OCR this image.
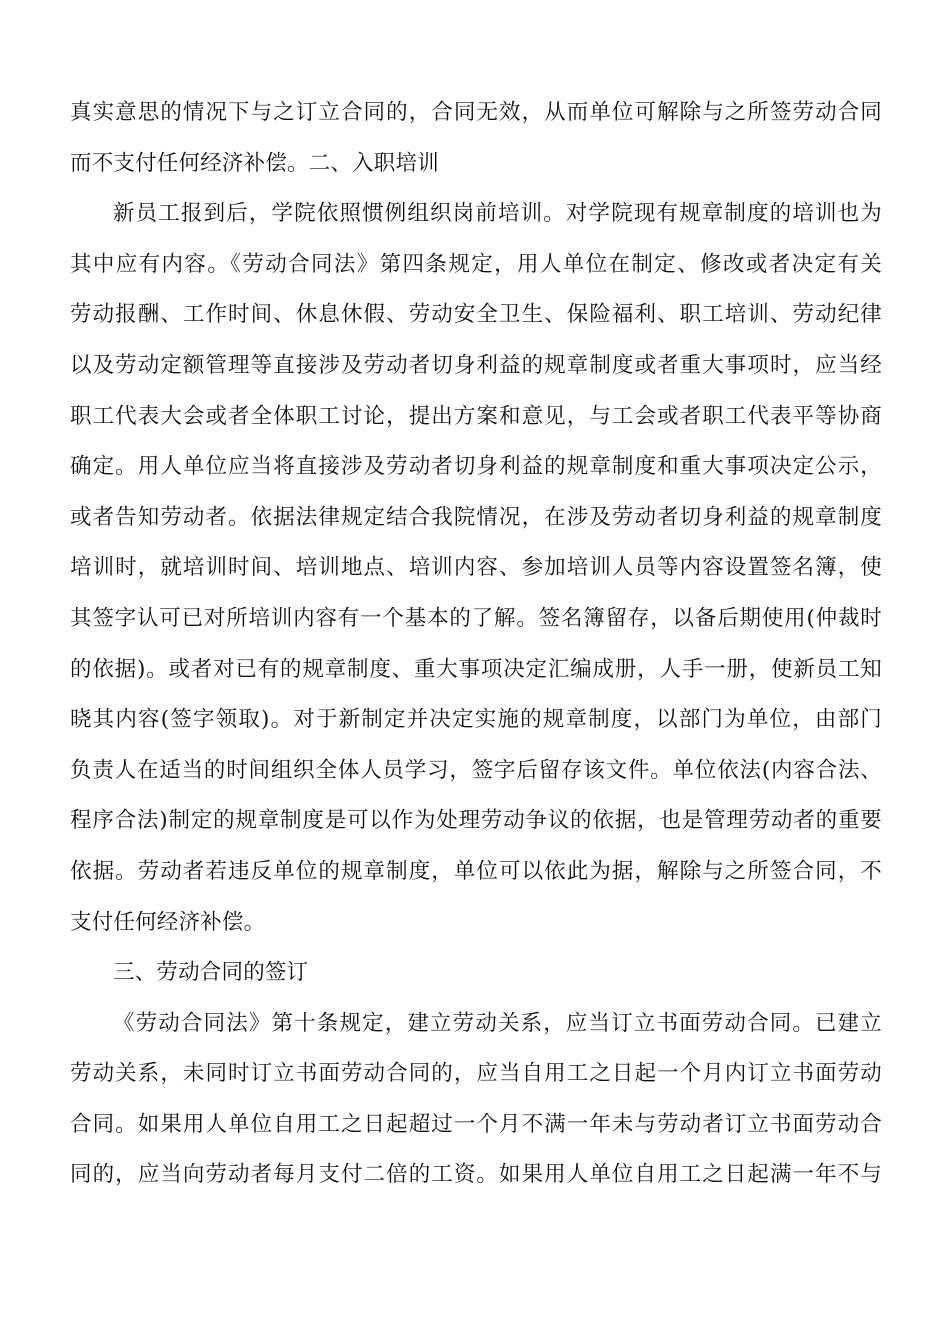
真实意思的情况下与之订立合同的，合同无效，从而单位可解除与之所签劳动合同
而不支付任何经济补偿。二、入职培训
新员工报到后，学院依照惯例组织岗前培训。对学院现有规章制度的培训也为
其中应有内容。《劳动合同法》第四条规定，用人单位在制定、修改或者决定有关
劳动报酬、工作时间、休息休假、劳动安全卫生、保险福利、职工培训、劳动纪律
以及劳动定额管理等直接涉及劳动者切身利益的规章制度或者重大事项时，应当经
职工代表大会或者全体职工讨论，提出方案和意见，与工会或者职工代表平等协商
确定。用人单位应当将直接涉及劳动者切身利益的规章制度和重大事项决定公示，
或者告知劳动者。依据法律规定结合我院情况，在涉及劳动者切身利益的规章制度
培训时，就培训时间、培训地点、培训内容、参加培训人员等内容设置签名簿，使
其签字认可已对所培训内容有一个基本的了解。签名簿留存，以备后期使用(仲裁时
的依据)。或者对已有的规章制度、重大事项决定汇编成册，人手一册，使新员工知
晓其内容(签字领取)。对于新制定并决定实施的规章制度，以部门为单位，由部门
负责人在适当的时间组织全体人员学习，签字后留存该文件。单位依法(内容合法、
程序合法)制定的规章制度是可以作为处理劳动争议的依据，也是管理劳动者的重要
依据。劳动者若违反单位的规章制度，单位可以依此为据，解除与之所签合同，不
支付任何经济补偿。
三、劳动合同的签订
《劳动合同法》第十条规定，建立劳动关系，应当订立书面劳动合同。已建立
劳动关系，未同时订立书面劳动合同的，应当自用工之日起一个月内订立书面劳动
合同。如果用人单位自用工之日起超过一个月不满一年未与劳动者订立书面劳动合
同的，应当向劳动者每月支付二倍的工资。如果用人单位自用工之日起满一年不与
